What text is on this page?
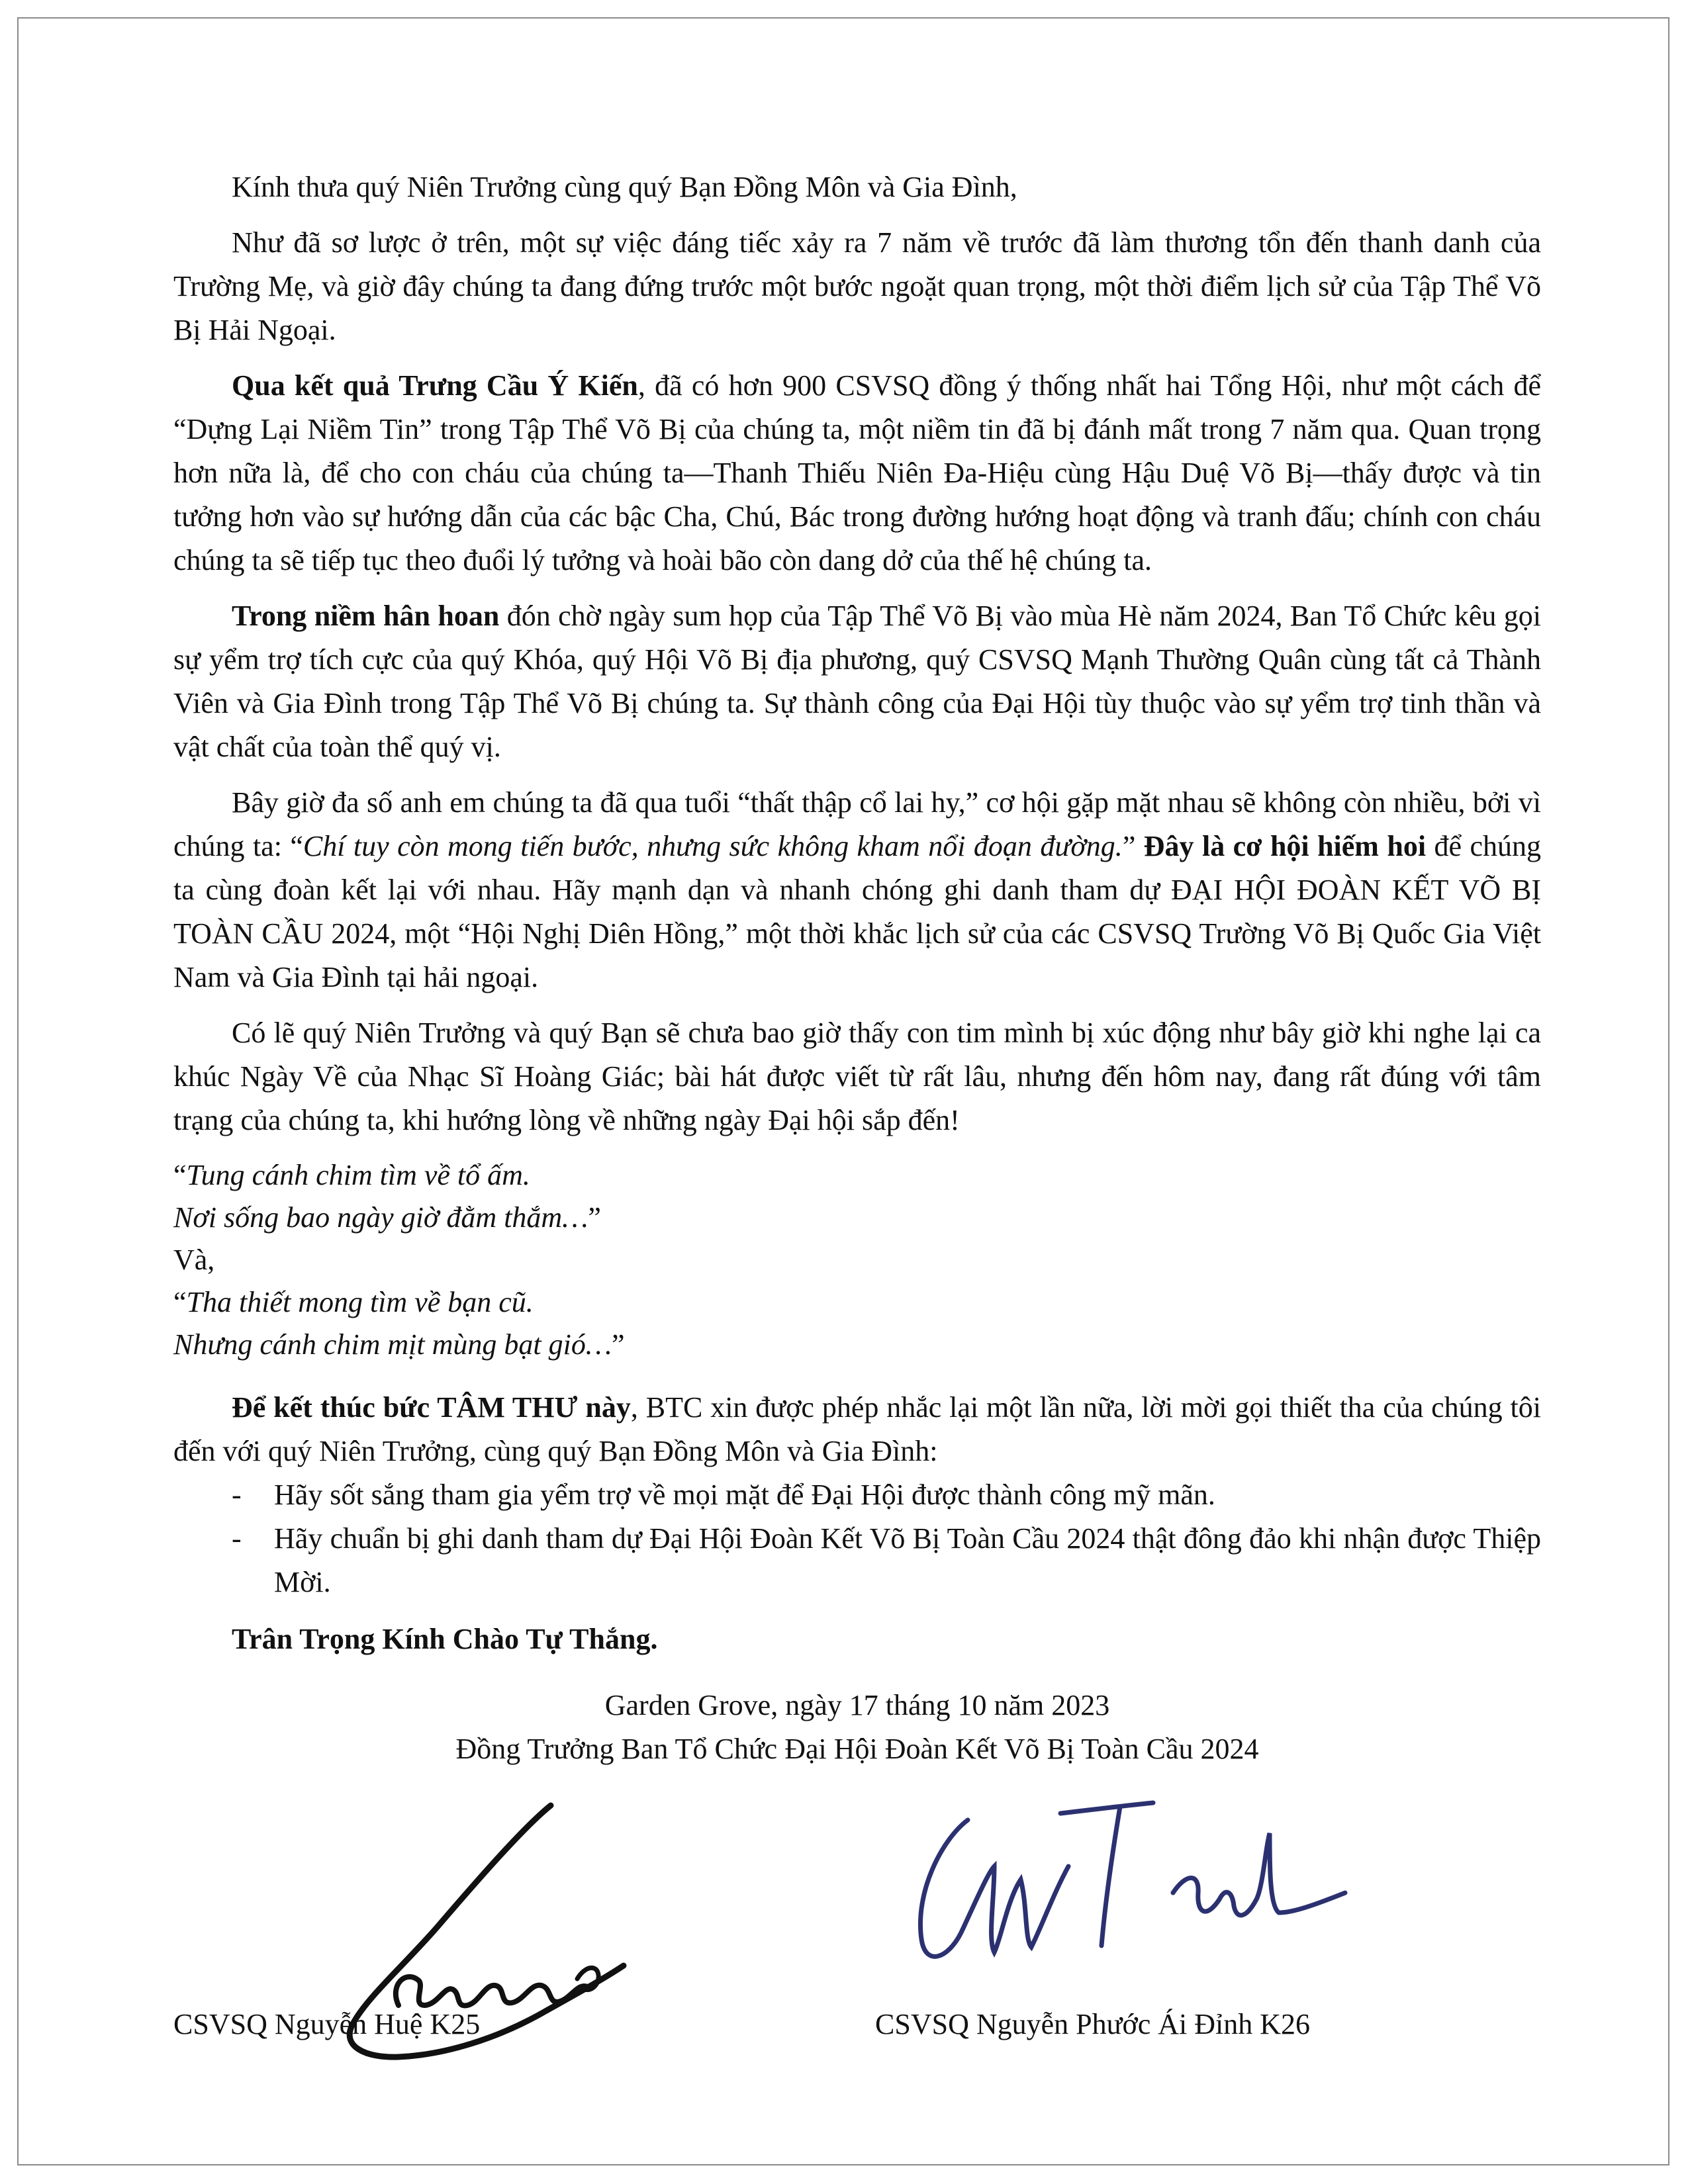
Kính thưa quý Niên Trưởng cùng quý Bạn Đồng Môn và Gia Đình,

Như đã sơ lược ở trên, một sự việc đáng tiếc xảy ra 7 năm về trước đã làm thương tổn đến thanh danh của Trường Mẹ, và giờ đây chúng ta đang đứng trước một bước ngoặt quan trọng, một thời điểm lịch sử của Tập Thể Võ Bị Hải Ngoại.

Qua kết quả Trưng Cầu Ý Kiến, đã có hơn 900 CSVSQ đồng ý thống nhất hai Tổng Hội, như một cách để “Dựng Lại Niềm Tin” trong Tập Thể Võ Bị của chúng ta, một niềm tin đã bị đánh mất trong 7 năm qua. Quan trọng hơn nữa là, để cho con cháu của chúng ta—Thanh Thiếu Niên Đa-Hiệu cùng Hậu Duệ Võ Bị—thấy được và tin tưởng hơn vào sự hướng dẫn của các bậc Cha, Chú, Bác trong đường hướng hoạt động và tranh đấu; chính con cháu chúng ta sẽ tiếp tục theo đuổi lý tưởng và hoài bão còn dang dở của thế hệ chúng ta.

Trong niềm hân hoan đón chờ ngày sum họp của Tập Thể Võ Bị vào mùa Hè năm 2024, Ban Tổ Chức kêu gọi sự yểm trợ tích cực của quý Khóa, quý Hội Võ Bị địa phương, quý CSVSQ Mạnh Thường Quân cùng tất cả Thành Viên và Gia Đình trong Tập Thể Võ Bị chúng ta. Sự thành công của Đại Hội tùy thuộc vào sự yểm trợ tinh thần và vật chất của toàn thể quý vị.

Bây giờ đa số anh em chúng ta đã qua tuổi “thất thập cổ lai hy,” cơ hội gặp mặt nhau sẽ không còn nhiều, bởi vì chúng ta: “Chí tuy còn mong tiến bước, nhưng sức không kham nổi đoạn đường.” Đây là cơ hội hiếm hoi để chúng ta cùng đoàn kết lại với nhau. Hãy mạnh dạn và nhanh chóng ghi danh tham dự ĐẠI HỘI ĐOÀN KẾT VÕ BỊ TOÀN CẦU 2024, một “Hội Nghị Diên Hồng,” một thời khắc lịch sử của các CSVSQ Trường Võ Bị Quốc Gia Việt Nam và Gia Đình tại hải ngoại.

Có lẽ quý Niên Trưởng và quý Bạn sẽ chưa bao giờ thấy con tim mình bị xúc động như bây giờ khi nghe lại ca khúc Ngày Về của Nhạc Sĩ Hoàng Giác; bài hát được viết từ rất lâu, nhưng đến hôm nay, đang rất đúng với tâm trạng của chúng ta, khi hướng lòng về những ngày Đại hội sắp đến!

“Tung cánh chim tìm về tổ ấm.

Nơi sống bao ngày giờ đằm thắm…”

Và,

“Tha thiết mong tìm về bạn cũ.

Nhưng cánh chim mịt mùng bạt gió…”

Để kết thúc bức TÂM THƯ này, BTC xin được phép nhắc lại một lần nữa, lời mời gọi thiết tha của chúng tôi đến với quý Niên Trưởng, cùng quý Bạn Đồng Môn và Gia Đình:

- Hãy sốt sắng tham gia yểm trợ về mọi mặt để Đại Hội được thành công mỹ mãn.
- Hãy chuẩn bị ghi danh tham dự Đại Hội Đoàn Kết Võ Bị Toàn Cầu 2024 thật đông đảo khi nhận được Thiệp Mời.

Trân Trọng Kính Chào Tự Thắng.

Garden Grove, ngày 17 tháng 10 năm 2023

Đồng Trưởng Ban Tổ Chức Đại Hội Đoàn Kết Võ Bị Toàn Cầu 2024

CSVSQ Nguyễn Huệ K25	CSVSQ Nguyễn Phước Ái Đỉnh K26
